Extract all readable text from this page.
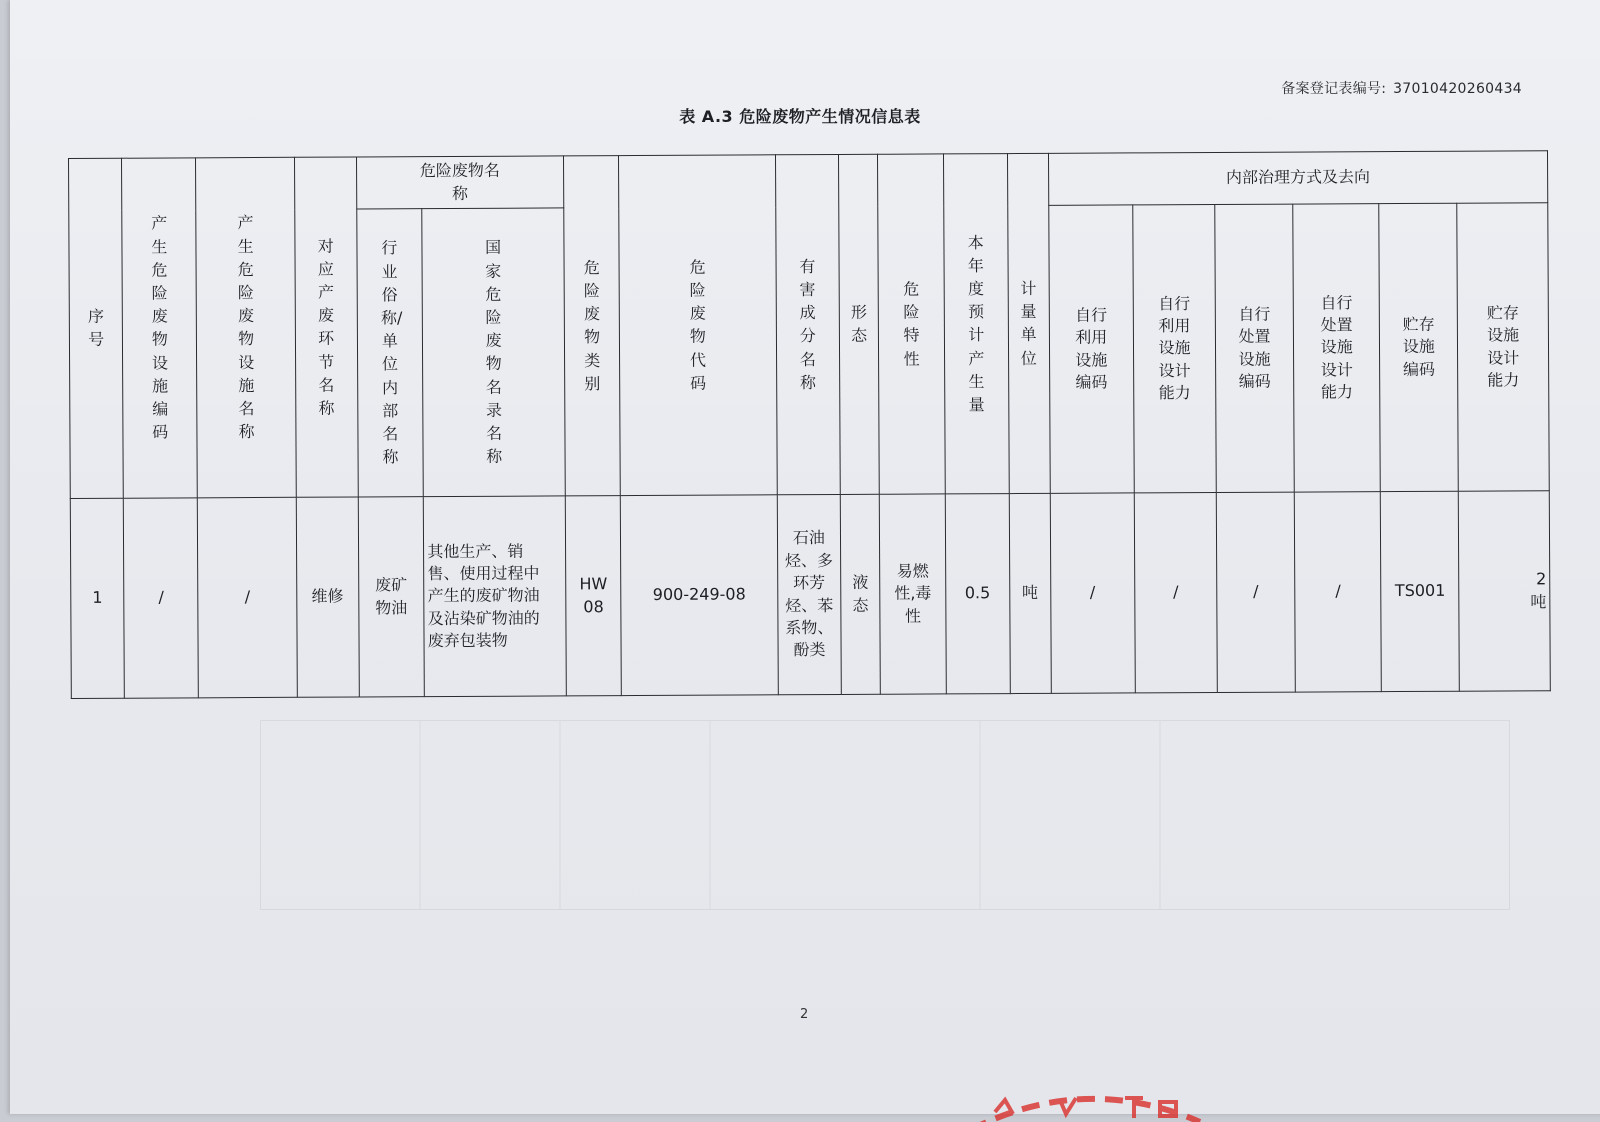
备案登记表编号: 37010420260434
表 A.3 危险废物产生情况信息表
序号	产生危险废物设施编码	产生危险废物设施名称	对应产废环节名称	危险废物名称		危险废物类别	危险废物代码	有害成分名称	形态	危险特性	本年度预计产生量	计量单位	内部治理方式及去向					
				行业俗称/单位内部名称	国家危险废物名录名称								自行利用设施编码	自行利用设施设计能力	自行处置设施编码	自行处置设施设计能力	贮存设施编码	贮存设施设计能力
1	/	/	维修	废矿物油	其他生产、销售、使用过程中产生的废矿物油及沾染矿物油的废弃包装物	HW08	900-249-08	石油烃、多环芳烃、苯系物、酚类	液态	易燃性,毒性	0.5	吨	/	/	/	/	TS001	2吨
2
